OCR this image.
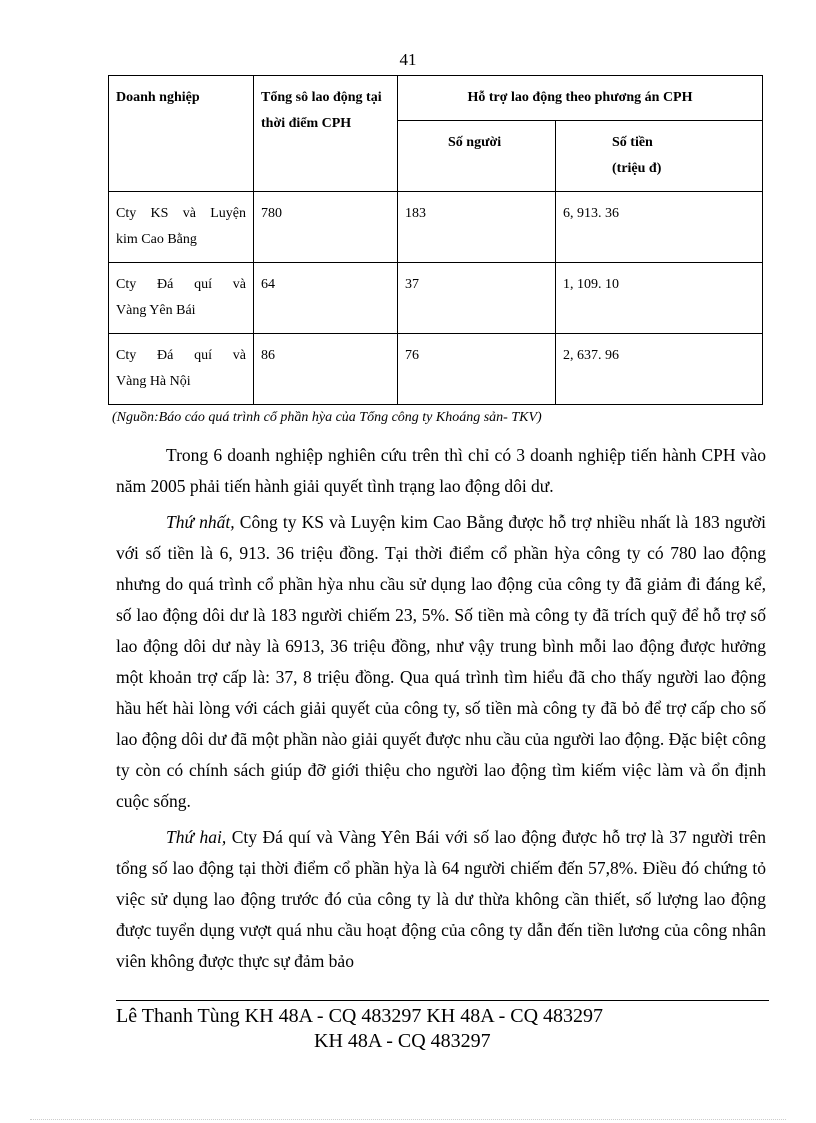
41
Doanh nghiệp	Tổng sô lao động tại thời điểm CPH	Hỗ trợ lao động theo phương án CPH	
		Số người	Số tiền
(triệu đ)
Cty KS và Luyện
kim Cao Bằng	780	183	6, 913. 36
Cty Đá quí và
Vàng Yên Bái	64	37	1, 109. 10
Cty Đá quí và
Vàng Hà Nội	86	76	2, 637. 96
(Nguồn:Báo cáo quá trình cổ phần hỳa của Tổng công ty Khoáng sản- TKV)

Trong 6 doanh nghiệp nghiên cứu trên thì chỉ có 3 doanh nghiệp tiến hành CPH vào năm 2005 phải tiến hành giải quyết tình trạng lao động dôi dư.

Thứ nhất, Công ty KS và Luyện kim Cao Bằng được hỗ trợ nhiều nhất là 183 người với số tiền là 6, 913. 36 triệu đồng. Tại thời điểm cổ phần hỳa công ty có 780 lao động nhưng do quá trình cổ phần hỳa nhu cầu sử dụng lao động của công ty đã giảm đi đáng kể, số lao động dôi dư là 183 người chiếm 23, 5%. Số tiền mà công ty đã trích quỹ để hỗ trợ số lao động dôi dư này là 6913, 36 triệu đồng, như vậy trung bình mỗi lao động được hưởng một khoản trợ cấp là: 37, 8 triệu đồng. Qua quá trình tìm hiểu đã cho thấy người lao động hầu hết hài lòng với cách giải quyết của công ty, số tiền mà công ty đã bỏ để trợ cấp cho số lao động dôi dư đã một phần nào giải quyết được nhu cầu của người lao động. Đặc biệt công ty còn có chính sách giúp đỡ giới thiệu cho người lao động tìm kiếm việc làm và ổn định cuộc sống.

Thứ hai, Cty Đá quí và Vàng Yên Bái với số lao động được hỗ trợ là 37 người trên tổng số lao động tại thời điểm cổ phần hỳa là 64 người chiếm đến 57,8%. Điều đó chứng tỏ việc sử dụng lao động trước đó của công ty là dư thừa không cần thiết, số lượng lao động được tuyển dụng vượt quá nhu cầu hoạt động của công ty dẫn đến tiền lương của công nhân viên không được thực sự đảm bảo

Lê Thanh Tùng KH 48A - CQ 483297 KH 48A - CQ 483297
KH 48A - CQ 483297
